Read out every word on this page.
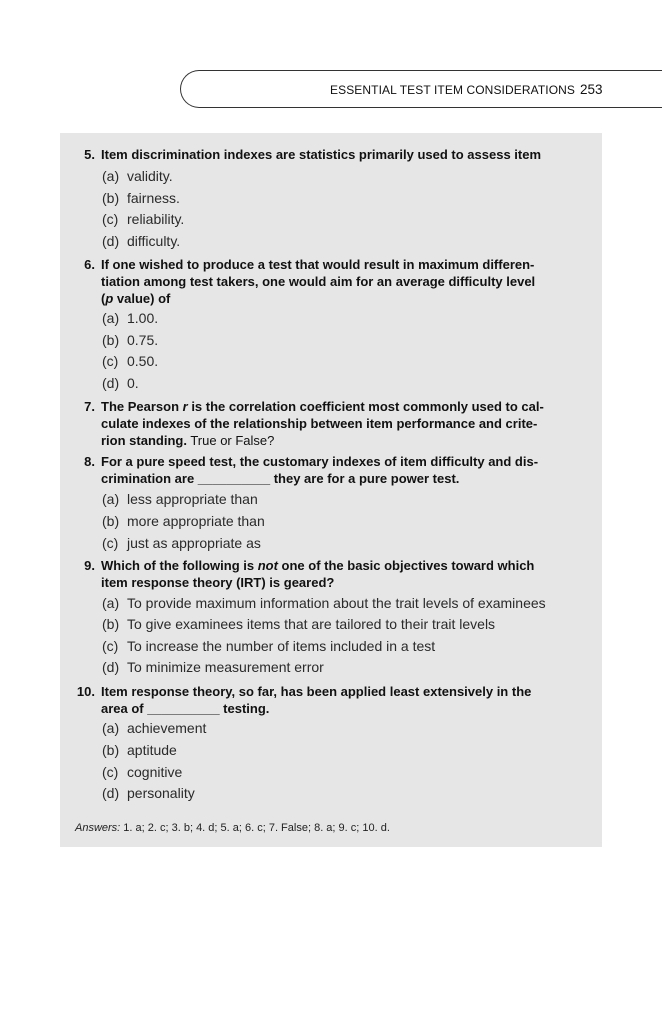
ESSENTIAL TEST ITEM CONSIDERATIONS 253
5. Item discrimination indexes are statistics primarily used to assess item
(a) validity.
(b) fairness.
(c) reliability.
(d) difficulty.
6. If one wished to produce a test that would result in maximum differen-
tiation among test takers, one would aim for an average difficulty level
(p value) of
(a) 1.00.
(b) 0.75.
(c) 0.50.
(d) 0.
7. The Pearson r is the correlation coefficient most commonly used to cal-
culate indexes of the relationship between item performance and crite-
rion standing. True or False?
8. For a pure speed test, the customary indexes of item difficulty and dis-
crimination are __________ they are for a pure power test.
(a) less appropriate than
(b) more appropriate than
(c) just as appropriate as
9. Which of the following is not one of the basic objectives toward which
item response theory (IRT) is geared?
(a) To provide maximum information about the trait levels of examinees
(b) To give examinees items that are tailored to their trait levels
(c) To increase the number of items included in a test
(d) To minimize measurement error
10. Item response theory, so far, has been applied least extensively in the
area of __________ testing.
(a) achievement
(b) aptitude
(c) cognitive
(d) personality
Answers: 1. a; 2. c; 3. b; 4. d; 5. a; 6. c; 7. False; 8. a; 9. c; 10. d.
